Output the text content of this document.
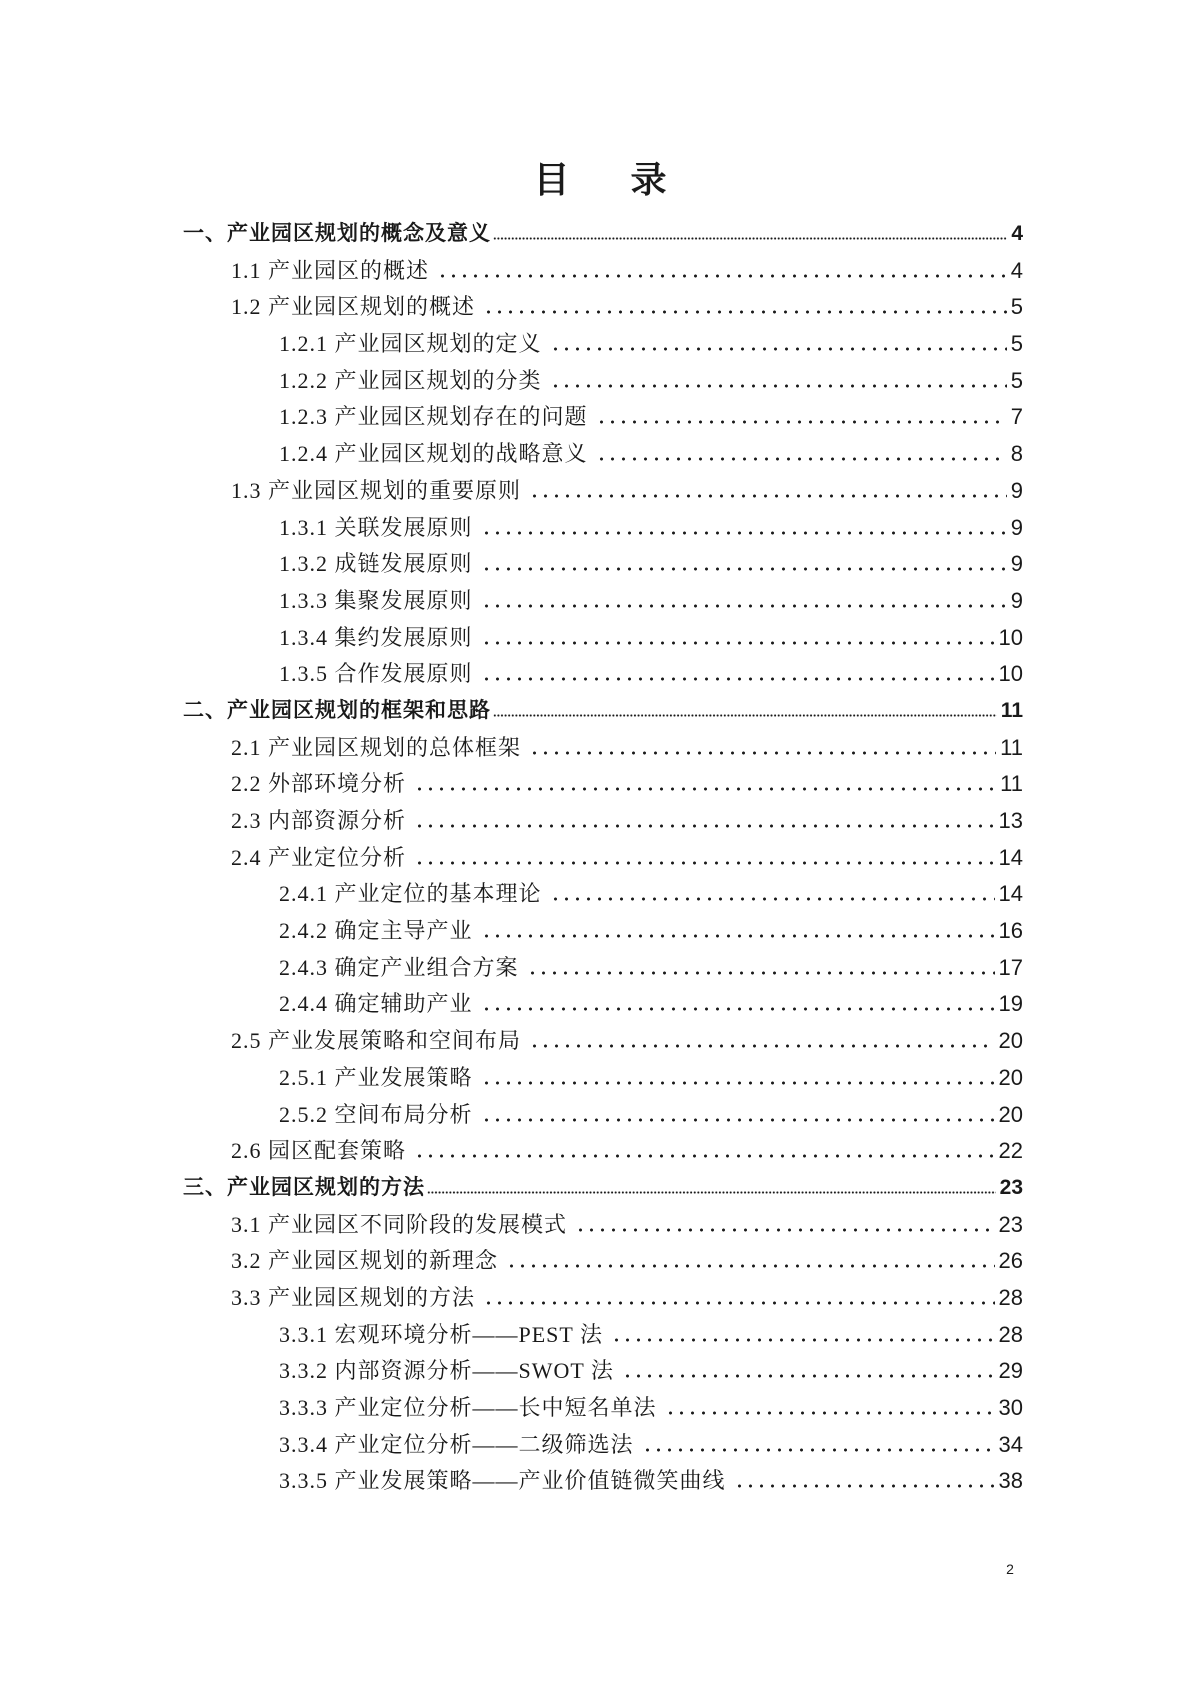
目 录
一、产业园区规划的概念及意义	4
1.1 产业园区的概述	4
1.2 产业园区规划的概述	5
1.2.1 产业园区规划的定义	5
1.2.2 产业园区规划的分类	5
1.2.3 产业园区规划存在的问题	7
1.2.4 产业园区规划的战略意义	8
1.3 产业园区规划的重要原则	9
1.3.1 关联发展原则	9
1.3.2 成链发展原则	9
1.3.3 集聚发展原则	9
1.3.4 集约发展原则	10
1.3.5 合作发展原则	10
二、产业园区规划的框架和思路	11
2.1 产业园区规划的总体框架	11
2.2 外部环境分析	11
2.3 内部资源分析	13
2.4 产业定位分析	14
2.4.1 产业定位的基本理论	14
2.4.2 确定主导产业	16
2.4.3 确定产业组合方案	17
2.4.4 确定辅助产业	19
2.5 产业发展策略和空间布局	20
2.5.1 产业发展策略	20
2.5.2 空间布局分析	20
2.6 园区配套策略	22
三、产业园区规划的方法	23
3.1 产业园区不同阶段的发展模式	23
3.2 产业园区规划的新理念	26
3.3 产业园区规划的方法	28
3.3.1 宏观环境分析——PEST 法	28
3.3.2 内部资源分析——SWOT 法	29
3.3.3 产业定位分析——长中短名单法	30
3.3.4 产业定位分析——二级筛选法	34
3.3.5 产业发展策略——产业价值链微笑曲线	38
2
